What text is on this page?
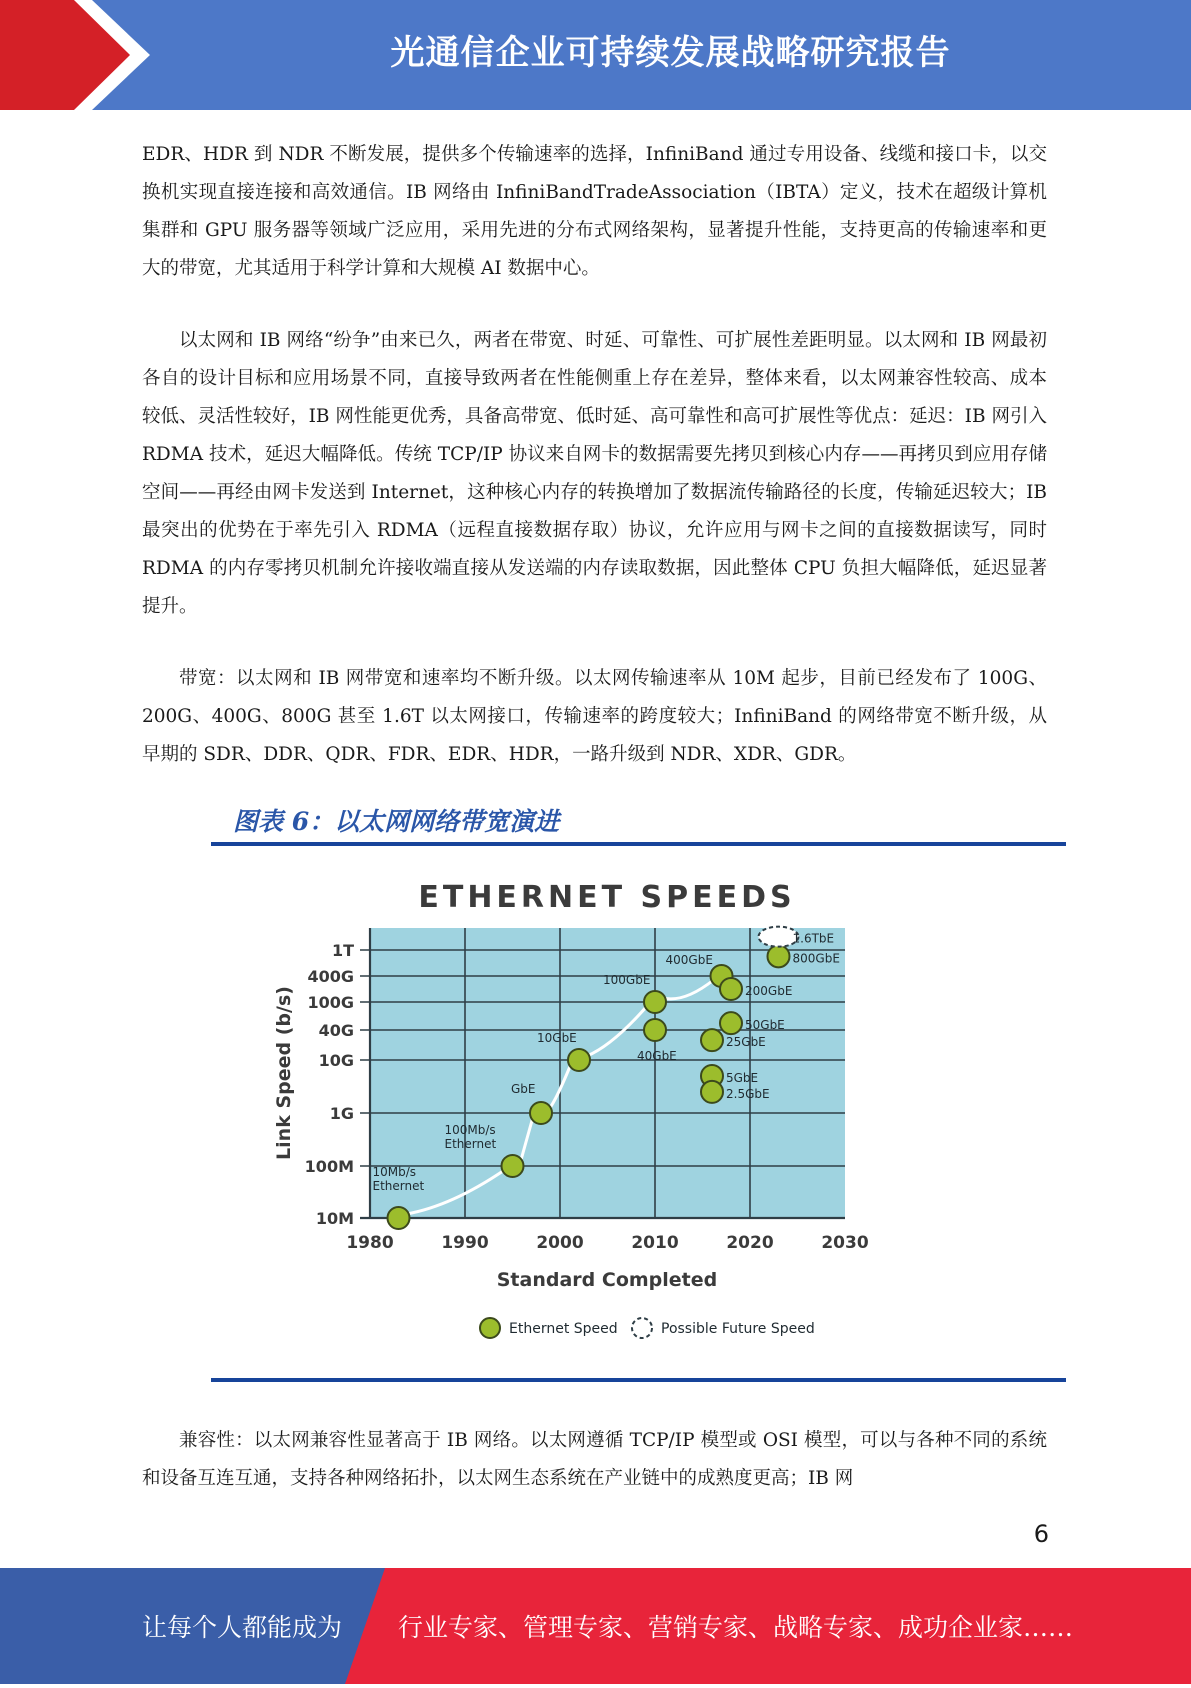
光通信企业可持续发展战略研究报告

EDR、HDR 到 NDR 不断发展，提供多个传输速率的选择，InfiniBand 通过专用设备、线缆和接口卡，以交换机实现直接连接和高效通信。IB 网络由 InfiniBandTradeAssociation（IBTA）定义，技术在超级计算机集群和 GPU 服务器等领域广泛应用，采用先进的分布式网络架构，显著提升性能，支持更高的传输速率和更大的带宽，尤其适用于科学计算和大规模 AI 数据中心。

以太网和 IB 网络“纷争”由来已久，两者在带宽、时延、可靠性、可扩展性差距明显。以太网和 IB 网最初各自的设计目标和应用场景不同，直接导致两者在性能侧重上存在差异，整体来看，以太网兼容性较高、成本较低、灵活性较好，IB 网性能更优秀，具备高带宽、低时延、高可靠性和高可扩展性等优点：延迟：IB 网引入 RDMA 技术，延迟大幅降低。传统 TCP/IP 协议来自网卡的数据需要先拷贝到核心内存——再拷贝到应用存储空间——再经由网卡发送到 Internet，这种核心内存的转换增加了数据流传输路径的长度，传输延迟较大；IB 最突出的优势在于率先引入 RDMA（远程直接数据存取）协议，允许应用与网卡之间的直接数据读写，同时 RDMA 的内存零拷贝机制允许接收端直接从发送端的内存读取数据，因此整体 CPU 负担大幅降低，延迟显著提升。

带宽：以太网和 IB 网带宽和速率均不断升级。以太网传输速率从 10M 起步，目前已经发布了 100G、200G、400G、800G 甚至 1.6T 以太网接口，传输速率的跨度较大；InfiniBand 的网络带宽不断升级，从早期的 SDR、DDR、QDR、FDR、EDR、HDR，一路升级到 NDR、XDR、GDR。

图表 6：以太网网络带宽演进
ETHERNET SPEEDS
1980	1990	2000	2010	2020	2030
10M
100M
1G
10G
40G
100G
400G
1T
Standard Completed
Link Speed (b/s)
10Mb/s Ethernet
100Mb/s Ethernet
GbE
10GbE
40GbE
100GbE
400GbE
200GbE
50GbE
25GbE
5GbE
2.5GbE
800GbE
1.6TbE
Ethernet Speed	Possible Future Speed

兼容性：以太网兼容性显著高于 IB 网络。以太网遵循 TCP/IP 模型或 OSI 模型，可以与各种不同的系统和设备互连互通，支持各种网络拓扑，以太网生态系统在产业链中的成熟度更高；IB 网

6
让每个人都能成为 行业专家、管理专家、营销专家、战略专家、成功企业家……
